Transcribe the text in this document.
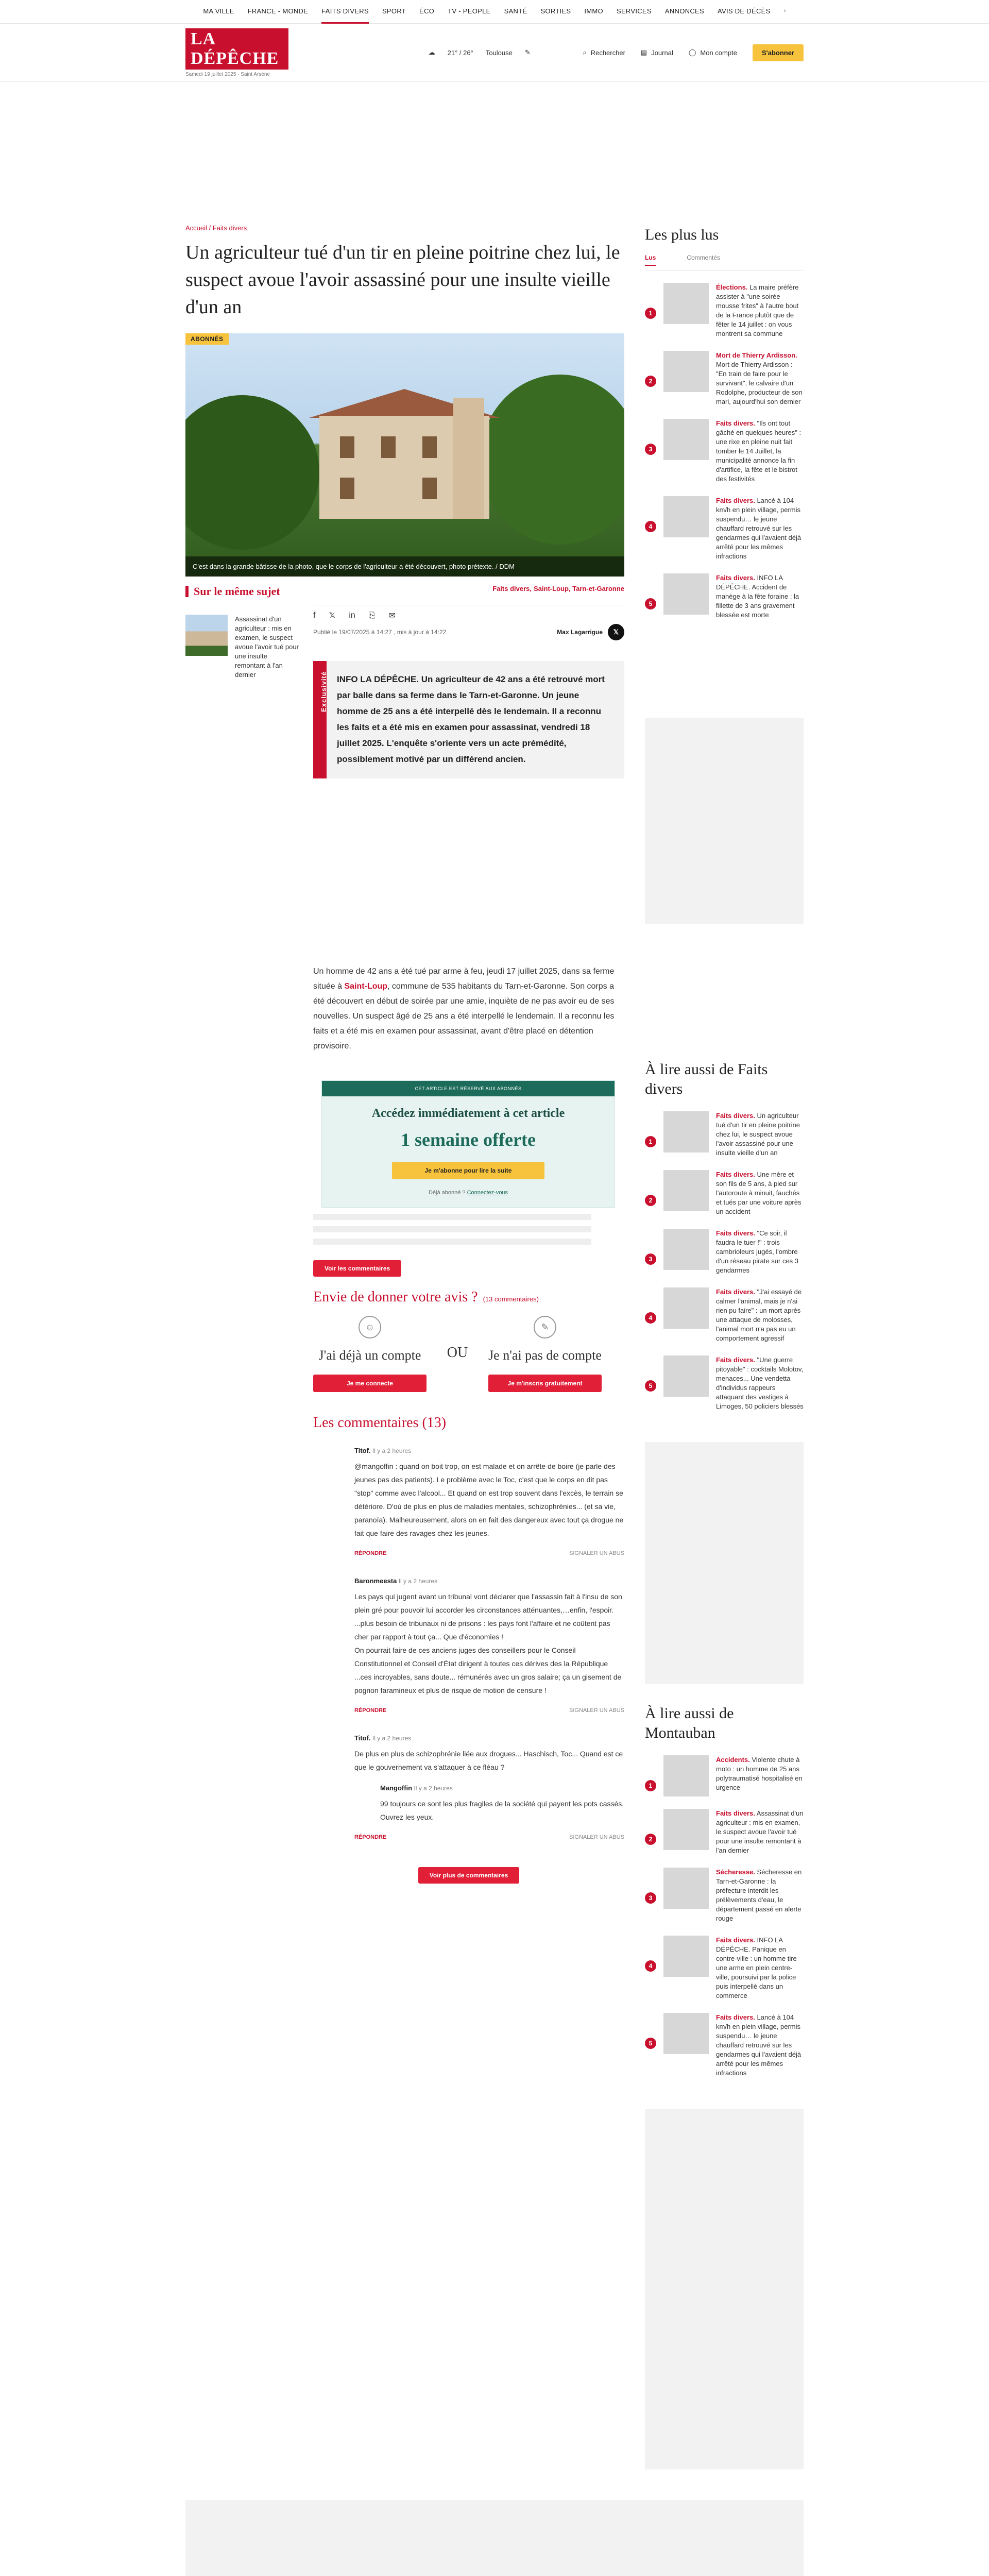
MA VILLE FRANCE - MONDE FAITS DIVERS SPORT ÉCO TV - PEOPLE SANTÉ SORTIES IMMO SERVICES ANNONCES AVIS DE DÉCÈS ›
LA DÉPÊCHE
Samedi 19 juillet 2025 · Saint Arsène
☁ 21° / 26° Toulouse ✎	⌕ Rechercher ▤ Journal ◯ Mon compte	S'abonner
Accueil / Faits divers
Un agriculteur tué d'un tir en pleine poitrine chez lui, le suspect avoue l'avoir assassiné pour une insulte vieille d'un an
ABONNÉS
C'est dans la grande bâtisse de la photo, que le corps de l'agriculteur a été découvert, photo prétexte. / DDM
Sur le même sujet
Assassinat d'un agriculteur : mis en examen, le suspect avoue l'avoir tué pour une insulte remontant à l'an dernier
Faits divers, Saint-Loup, Tarn-et-Garonne
f 𝕏 in ⎘ ✉
Publié le 19/07/2025 à 14:27 , mis à jour à 14:22	Max Lagarrigue	𝕏
Exclusivité	INFO LA DÉPÊCHE. Un agriculteur de 42 ans a été retrouvé mort par balle dans sa ferme dans le Tarn-et-Garonne. Un jeune homme de 25 ans a été interpellé dès le lendemain. Il a reconnu les faits et a été mis en examen pour assassinat, vendredi 18 juillet 2025. L'enquête s'oriente vers un acte prémédité, possiblement motivé par un différend ancien.

Un homme de 42 ans a été tué par arme à feu, jeudi 17 juillet 2025, dans sa ferme située à Saint-Loup, commune de 535 habitants du Tarn-et-Garonne. Son corps a été découvert en début de soirée par une amie, inquiète de ne pas avoir eu de ses nouvelles. Un suspect âgé de 25 ans a été interpellé le lendemain. Il a reconnu les faits et a été mis en examen pour assassinat, avant d'être placé en détention provisoire.

CET ARTICLE EST RÉSERVÉ AUX ABONNÉS
Accédez immédiatement à cet article
1 semaine offerte
Je m'abonne pour lire la suite
Déjà abonné ? Connectez-vous
Voir les commentaires
Envie de donner votre avis ? (13 commentaires)
☺
J'ai déjà un compte
Je me connecte
OU
✎
Je n'ai pas de compte
Je m'inscris gratuitement
Les commentaires (13)
Titof. Il y a 2 heures
@mangoffin : quand on boit trop, on est malade et on arrête de boire (je parle des jeunes pas des patients). Le problème avec le Toc, c'est que le corps en dit pas "stop" comme avec l'alcool... Et quand on est trop souvent dans l'excès, le terrain se détériore. D'où de plus en plus de maladies mentales, schizophrénies... (et sa vie, paranoïa). Malheureusement, alors on en fait des dangereux avec tout ça drogue ne fait que faire des ravages chez les jeunes.
RÉPONDRE	SIGNALER UN ABUS
Baronmeesta Il y a 2 heures
Les pays qui jugent avant un tribunal vont déclarer que l'assassin fait à l'insu de son plein gré pour pouvoir lui accorder les circonstances atténuantes,…enfin, l'espoir.
...plus besoin de tribunaux ni de prisons : les pays font l'affaire et ne coûtent pas cher par rapport à tout ça... Que d'économies !
On pourrait faire de ces anciens juges des conseillers pour le Conseil Constitutionnel et Conseil d'État dirigent à toutes ces dérives des la République ...ces incroyables, sans doute... rémunérés avec un gros salaire; ça un gisement de pognon faramineux et plus de risque de motion de censure !
RÉPONDRE	SIGNALER UN ABUS
Titof. Il y a 2 heures
De plus en plus de schizophrénie liée aux drogues... Haschisch, Toc... Quand est ce que le gouvernement va s'attaquer à ce fléau ?
Mangoffin Il y a 2 heures
99 toujours ce sont les plus fragiles de la société qui payent les pots cassés. Ouvrez les yeux.
RÉPONDRE	SIGNALER UN ABUS
Voir plus de commentaires
Les plus lus
Lus	Commentés
1
Élections. La maire préfère assister à "une soirée mousse frites" à l'autre bout de la France plutôt que de fêter le 14 juillet : on vous montrent sa commune
2
Mort de Thierry Ardisson. Mort de Thierry Ardisson : "En train de faire pour le survivant", le calvaire d'un Rodolphe, producteur de son mari, aujourd'hui son dernier
3
Faits divers. "Ils ont tout gâché en quelques heures" : une rixe en pleine nuit fait tomber le 14 Juillet, la municipalité annonce la fin d'artifice, la fête et le bistrot des festivités
4
Faits divers. Lancé à 104 km/h en plein village, permis suspendu… le jeune chauffard retrouvé sur les gendarmes qui l'avaient déjà arrêté pour les mêmes infractions
5
Faits divers. INFO LA DÉPÊCHE. Accident de manège à la fête foraine : la fillette de 3 ans gravement blessée est morte
À lire aussi de Faits divers
1
Faits divers. Un agriculteur tué d'un tir en pleine poitrine chez lui, le suspect avoue l'avoir assassiné pour une insulte vieille d'un an
2
Faits divers. Une mère et son fils de 5 ans, à pied sur l'autoroute à minuit, fauchés et tués par une voiture après un accident
3
Faits divers. "Ce soir, il faudra le tuer !" : trois cambrioleurs jugés, l'ombre d'un réseau pirate sur ces 3 gendarmes
4
Faits divers. "J'ai essayé de calmer l'animal, mais je n'ai rien pu faire" : un mort après une attaque de molosses, l'animal mort n'a pas eu un comportement agressif
5
Faits divers. "Une guerre pitoyable" : cocktails Molotov, menaces... Une vendetta d'individus rappeurs attaquant des vestiges à Limoges, 50 policiers blessés
À lire aussi de Montauban
1
Accidents. Violente chute à moto : un homme de 25 ans polytraumatisé hospitalisé en urgence
2
Faits divers. Assassinat d'un agriculteur : mis en examen, le suspect avoue l'avoir tué pour une insulte remontant à l'an dernier
3
Sécheresse. Sécheresse en Tarn-et-Garonne : la préfecture interdit les prélèvements d'eau, le département passé en alerte rouge
4
Faits divers. INFO LA DÉPÊCHE. Panique en contre-ville : un homme tire une arme en plein centre-ville, poursuivi par la police puis interpellé dans un commerce
5
Faits divers. Lancé à 104 km/h en plein village, permis suspendu… le jeune chauffard retrouvé sur les gendarmes qui l'avaient déjà arrêté pour les mêmes infractions
